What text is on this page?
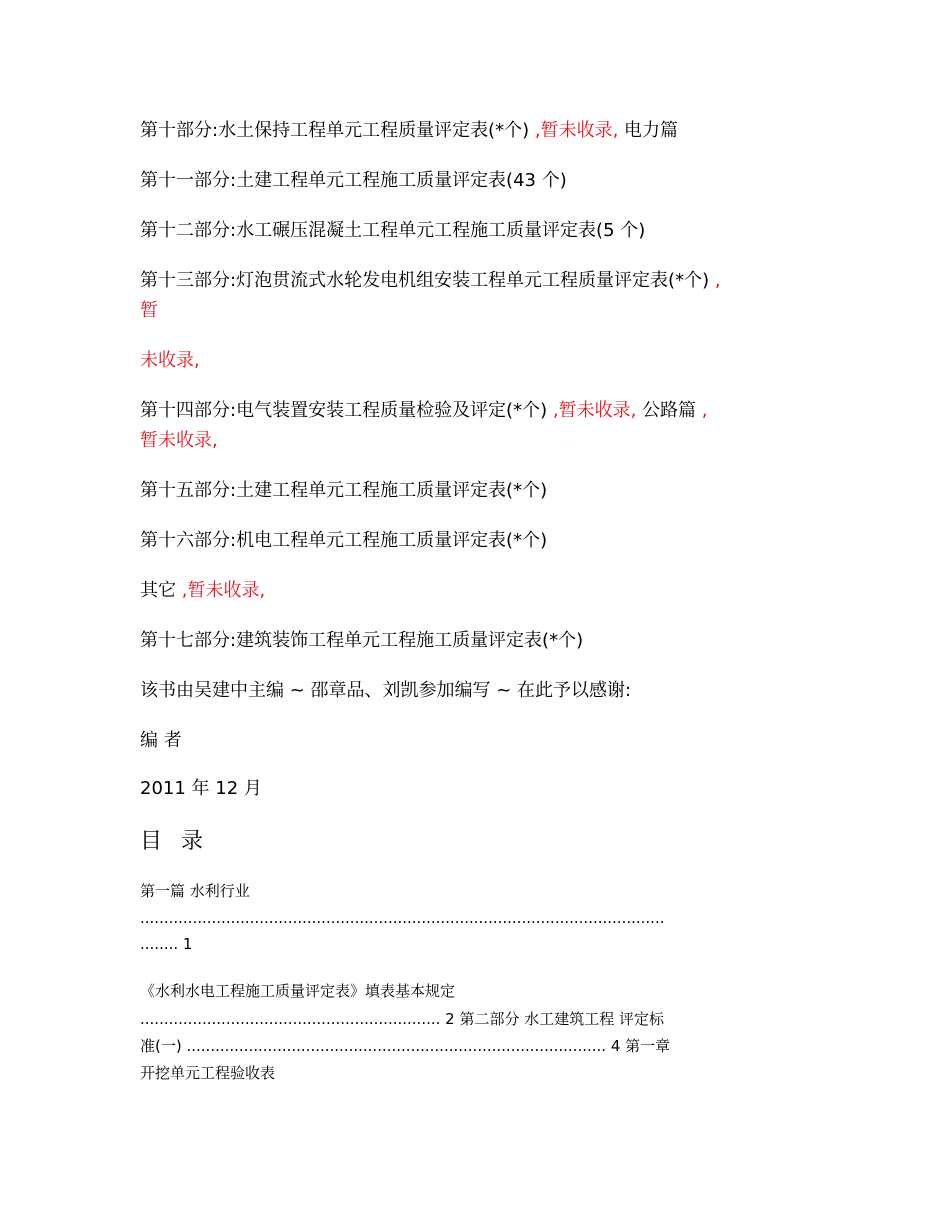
第十部分:水土保持工程单元工程质量评定表(*个) ,暂未收录, 电力篇
第十一部分:土建工程单元工程施工质量评定表(43 个)
第十二部分:水工碾压混凝土工程单元工程施工质量评定表(5 个)
第十三部分:灯泡贯流式水轮发电机组安装工程单元工程质量评定表(*个) ,
暂
未收录,
第十四部分:电气装置安装工程质量检验及评定(*个) ,暂未收录, 公路篇 ,
暂未收录,
第十五部分:土建工程单元工程施工质量评定表(*个)
第十六部分:机电工程单元工程施工质量评定表(*个)
其它 ,暂未收录,
第十七部分:建筑装饰工程单元工程施工质量评定表(*个)
该书由吴建中主编 ~ 邵章品、刘凯参加编写 ~ 在此予以感谢:
编 者
2011 年 12 月
目 录
第一篇 水利行业
..............................................................................................................
........ 1
《水利水电工程施工质量评定表》填表基本规定
............................................................... 2 第二部分 水工建筑工程 评定标
准(一) ........................................................................................ 4 第一章
开挖单元工程验收表
